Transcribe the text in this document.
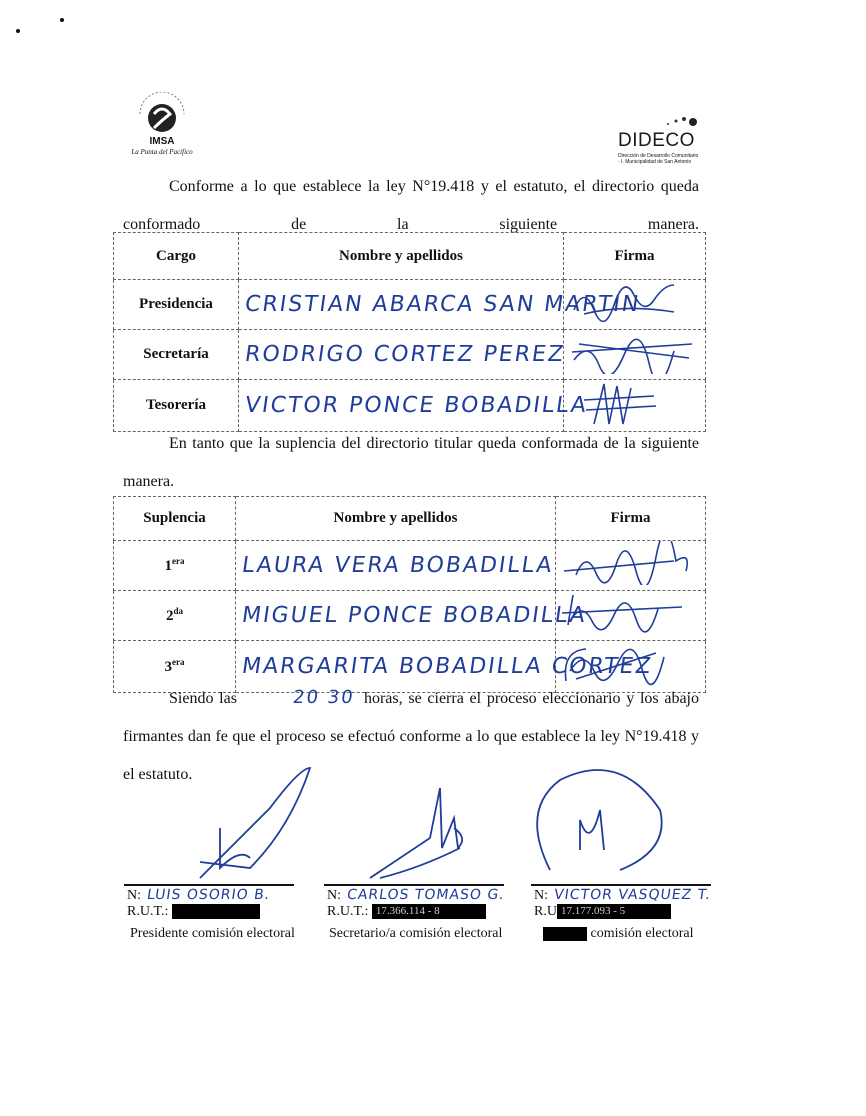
IMSA
La Punta del Pacífico
DIDECO
Dirección de Desarrollo Comunitario · I. Municipalidad de San Antonio
Conforme a lo que establece la ley N°19.418 y el estatuto, el directorio queda conformado de la siguiente manera.
Cargo	Nombre y apellidos	Firma
Presidencia	CRISTIAN ABARCA SAN MARTIN	
Secretaría	RODRIGO CORTEZ PEREZ	
Tesorería	VICTOR PONCE BOBADILLA	
En tanto que la suplencia del directorio titular queda conformada de la siguiente manera.
Suplencia	Nombre y apellidos	Firma
$1^{era}$	LAURA VERA BOBADILLA	
$2^{da}$	MIGUEL PONCE BOBADILLA	
$3^{era}$	MARGARITA BOBADILLA CORTEZ	
Siendo las	20 30 horas, se cierra el proceso eleccionario y los abajo firmantes dan fe que el proceso se efectuó conforme a lo que establece la ley N°19.418 y el estatuto.
N: LUIS OSORIO B.
R.U.T.:
Presidente comisión electoral
N: CARLOS TOMASO G.
R.U.T.: 17.366.114 - 8
Secretario/a comisión electoral
N: VICTOR VASQUEZ T.
R.U 17.177.093 - 5
comisión electoral
